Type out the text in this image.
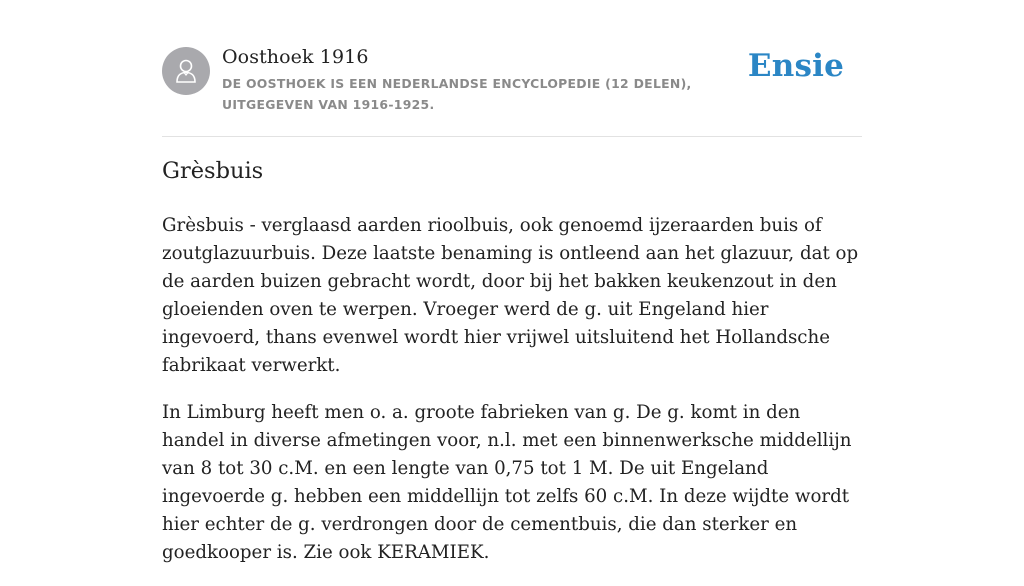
Oosthoek 1916
DE OOSTHOEK IS EEN NEDERLANDSE ENCYCLOPEDIE (12 DELEN), UITGEGEVEN VAN 1916-1925.
Ensie
Grèsbuis

Grèsbuis - verglaasd aarden rioolbuis, ook genoemd ijzeraarden buis of zoutglazuurbuis. Deze laatste benaming is ontleend aan het glazuur, dat op de aarden buizen gebracht wordt, door bij het bakken keukenzout in den gloeienden oven te werpen. Vroeger werd de g. uit Engeland hier ingevoerd, thans evenwel wordt hier vrijwel uitsluitend het Hollandsche fabrikaat verwerkt.

In Limburg heeft men o. a. groote fabrieken van g. De g. komt in den handel in diverse afmetingen voor, n.l. met een binnenwerksche middellijn van 8 tot 30 c.M. en een lengte van 0,75 tot 1 M. De uit Engeland ingevoerde g. hebben een middellijn tot zelfs 60 c.M. In deze wijdte wordt hier echter de g. verdrongen door de cementbuis, die dan sterker en goedkooper is. Zie ook KERAMIEK.
